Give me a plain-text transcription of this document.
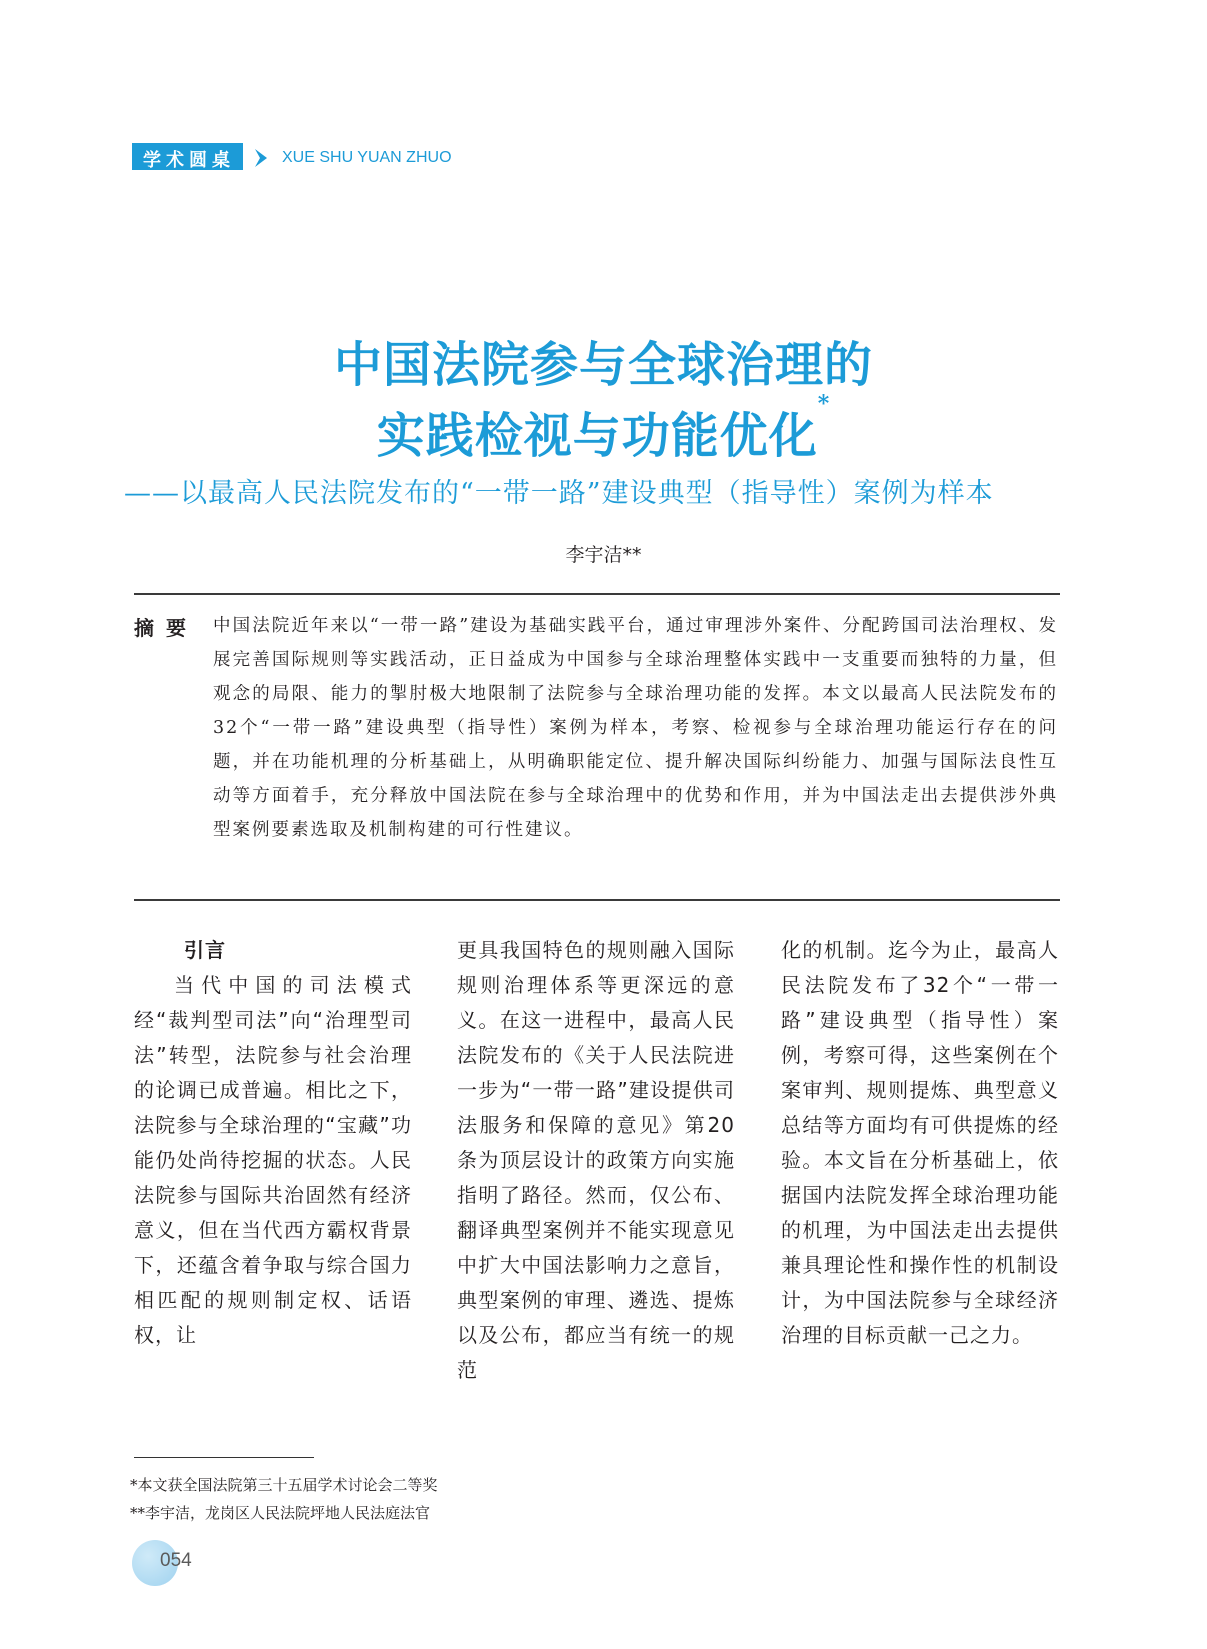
学术圆桌	XUE SHU YUAN ZHUO
中国法院参与全球治理的
实践检视与功能优化*
——以最高人民法院发布的“一带一路”建设典型（指导性）案例为样本
李宇洁**
摘要 中国法院近年来以“一带一路”建设为基础实践平台，通过审理涉外案件、分配跨国司法治理权、发展完善国际规则等实践活动，正日益成为中国参与全球治理整体实践中一支重要而独特的力量，但观念的局限、能力的掣肘极大地限制了法院参与全球治理功能的发挥。本文以最高人民法院发布的32个“一带一路”建设典型（指导性）案例为样本，考察、检视参与全球治理功能运行存在的问题，并在功能机理的分析基础上，从明确职能定位、提升解决国际纠纷能力、加强与国际法良性互动等方面着手，充分释放中国法院在参与全球治理中的优势和作用，并为中国法走出去提供涉外典型案例要素选取及机制构建的可行性建议。

引言

当代中国的司法模式经“裁判型司法”向“治理型司法”转型，法院参与社会治理的论调已成普遍。相比之下，法院参与全球治理的“宝藏”功能仍处尚待挖掘的状态。人民法院参与国际共治固然有经济意义，但在当代西方霸权背景下，还蕴含着争取与综合国力相匹配的规则制定权、话语权，让

更具我国特色的规则融入国际规则治理体系等更深远的意义。在这一进程中，最高人民法院发布的《关于人民法院进一步为“一带一路”建设提供司法服务和保障的意见》第20条为顶层设计的政策方向实施指明了路径。然而，仅公布、翻译典型案例并不能实现意见中扩大中国法影响力之意旨，典型案例的审理、遴选、提炼以及公布，都应当有统一的规范

化的机制。迄今为止，最高人民法院发布了32个“一带一路”建设典型（指导性）案例，考察可得，这些案例在个案审判、规则提炼、典型意义总结等方面均有可供提炼的经验。本文旨在分析基础上，依据国内法院发挥全球治理功能的机理，为中国法走出去提供兼具理论性和操作性的机制设计，为中国法院参与全球经济治理的目标贡献一己之力。

*本文获全国法院第三十五届学术讨论会二等奖
**李宇洁，龙岗区人民法院坪地人民法庭法官
054
